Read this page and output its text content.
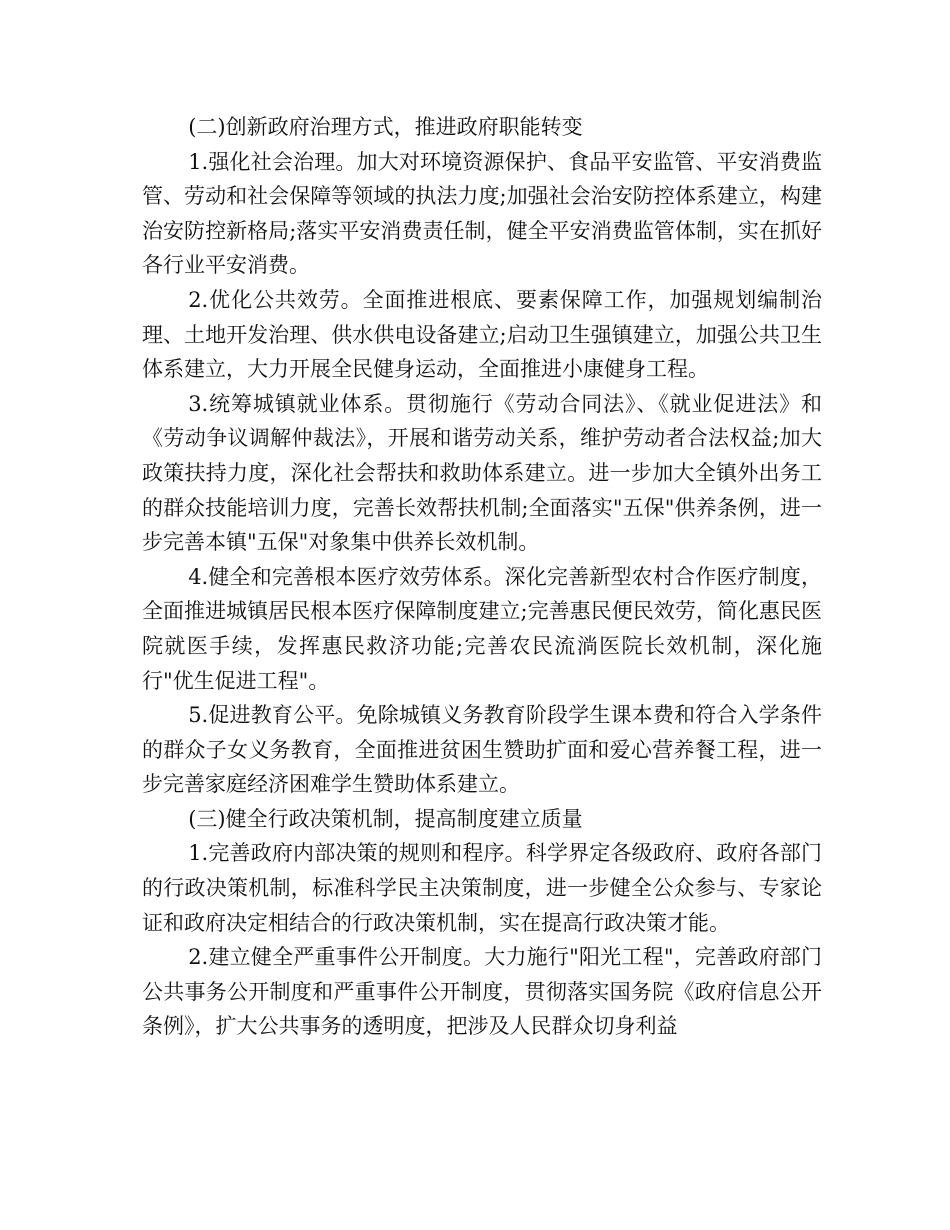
(二)创新政府治理方式，推进政府职能转变

1.强化社会治理。加大对环境资源保护、食品平安监管、平安消费监管、劳动和社会保障等领域的执法力度;加强社会治安防控体系建立，构建治安防控新格局;落实平安消费责任制，健全平安消费监管体制，实在抓好各行业平安消费。

2.优化公共效劳。全面推进根底、要素保障工作，加强规划编制治理、土地开发治理、供水供电设备建立;启动卫生强镇建立，加强公共卫生体系建立，大力开展全民健身运动，全面推进小康健身工程。

3.统筹城镇就业体系。贯彻施行《劳动合同法》、《就业促进法》和《劳动争议调解仲裁法》，开展和谐劳动关系，维护劳动者合法权益;加大政策扶持力度，深化社会帮扶和救助体系建立。进一步加大全镇外出务工的群众技能培训力度，完善长效帮扶机制;全面落实"五保"供养条例，进一步完善本镇"五保"对象集中供养长效机制。

4.健全和完善根本医疗效劳体系。深化完善新型农村合作医疗制度，全面推进城镇居民根本医疗保障制度建立;完善惠民便民效劳，简化惠民医院就医手续，发挥惠民救济功能;完善农民流淌医院长效机制，深化施行"优生促进工程"。

5.促进教育公平。免除城镇义务教育阶段学生课本费和符合入学条件的群众子女义务教育，全面推进贫困生赞助扩面和爱心营养餐工程，进一步完善家庭经济困难学生赞助体系建立。

(三)健全行政决策机制，提高制度建立质量

1.完善政府内部决策的规则和程序。科学界定各级政府、政府各部门的行政决策机制，标准科学民主决策制度，进一步健全公众参与、专家论证和政府决定相结合的行政决策机制，实在提高行政决策才能。

2.建立健全严重事件公开制度。大力施行"阳光工程"，完善政府部门公共事务公开制度和严重事件公开制度，贯彻落实国务院《政府信息公开条例》，扩大公共事务的透明度，把涉及人民群众切身利益
